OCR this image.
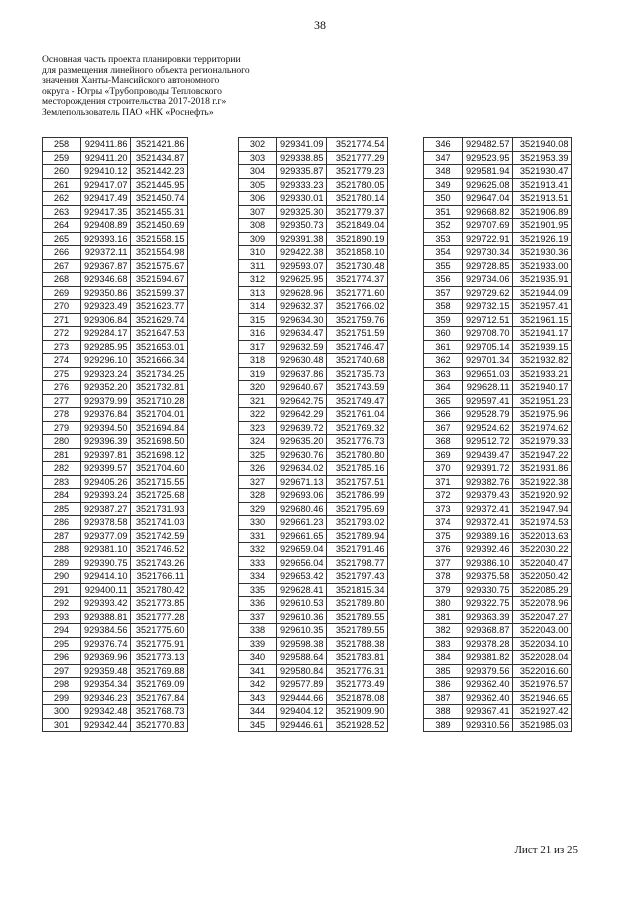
38
Основная часть проекта планировки территории
для размещения линейного объекта регионального
значения Ханты-Мансийского автономного
округа - Югры «Трубопроводы Тепловского
месторождения строительства 2017-2018 г.г»
Землепользователь ПАО «НК «Роснефть»
258	929411.86	3521421.86
259	929411.20	3521434.87
260	929410.12	3521442.23
261	929417.07	3521445.95
262	929417.49	3521450.74
263	929417.35	3521455.31
264	929408.89	3521450.69
265	929393.16	3521558.15
266	929372.11	3521554.98
267	929367.87	3521575.67
268	929346.68	3521594.67
269	929350.86	3521599.37
270	929323.49	3521623.77
271	929306.84	3521629.74
272	929284.17	3521647.53
273	929285.95	3521653.01
274	929296.10	3521666.34
275	929323.24	3521734.25
276	929352.20	3521732.81
277	929379.99	3521710.28
278	929376.84	3521704.01
279	929394.50	3521694.84
280	929396.39	3521698.50
281	929397.81	3521698.12
282	929399.57	3521704.60
283	929405.26	3521715.55
284	929393.24	3521725.68
285	929387.27	3521731.93
286	929378.58	3521741.03
287	929377.09	3521742.59
288	929381.10	3521746.52
289	929390.75	3521743.26
290	929414.10	3521766.11
291	929400.11	3521780.42
292	929393.42	3521773.85
293	929388.81	3521777.28
294	929384.56	3521775.60
295	929376.74	3521775.91
296	929369.96	3521773.13
297	929359.48	3521769.88
298	929354.34	3521769.09
299	929346.23	3521767.84
300	929342.48	3521768.73
301	929342.44	3521770.83
302	929341.09	3521774.54
303	929338.85	3521777.29
304	929335.87	3521779.23
305	929333.23	3521780.05
306	929330.01	3521780.14
307	929325.30	3521779.37
308	929350.73	3521849.04
309	929391.38	3521890.19
310	929422.38	3521858.10
311	929593.07	3521730.48
312	929625.95	3521774.37
313	929628.96	3521771.60
314	929632.37	3521766.02
315	929634.30	3521759.76
316	929634.47	3521751.59
317	929632.59	3521746.47
318	929630.48	3521740.68
319	929637.86	3521735.73
320	929640.67	3521743.59
321	929642.75	3521749.47
322	929642.29	3521761.04
323	929639.72	3521769.32
324	929635.20	3521776.73
325	929630.76	3521780.80
326	929634.02	3521785.16
327	929671.13	3521757.51
328	929693.06	3521786.99
329	929680.46	3521795.69
330	929661.23	3521793.02
331	929661.65	3521789.94
332	929659.04	3521791.46
333	929656.04	3521798.77
334	929653.42	3521797.43
335	929628.41	3521815.34
336	929610.53	3521789.80
337	929610.36	3521789.55
338	929610.35	3521789.55
339	929598.38	3521788.38
340	929588.64	3521783.81
341	929580.84	3521776.31
342	929577.89	3521773.49
343	929444.66	3521878.08
344	929404.12	3521909.90
345	929446.61	3521928.52
346	929482.57	3521940.08
347	929523.95	3521953.39
348	929581.94	3521930.47
349	929625.08	3521913.41
350	929647.04	3521913.51
351	929668.82	3521906.89
352	929707.69	3521901.95
353	929722.91	3521926.19
354	929730.34	3521930.36
355	929728.85	3521933.00
356	929734.06	3521935.91
357	929729.62	3521944.09
358	929732.15	3521957.41
359	929712.51	3521961.15
360	929708.70	3521941.17
361	929705.14	3521939.15
362	929701.34	3521932.82
363	929651.03	3521933.21
364	929628.11	3521940.17
365	929597.41	3521951.23
366	929528.79	3521975.96
367	929524.62	3521974.62
368	929512.72	3521979.33
369	929439.47	3521947.22
370	929391.72	3521931.86
371	929382.76	3521922.38
372	929379.43	3521920.92
373	929372.41	3521947.94
374	929372.41	3521974.53
375	929389.16	3522013.63
376	929392.46	3522030.22
377	929386.10	3522040.47
378	929375.58	3522050.42
379	929330.75	3522085.29
380	929322.75	3522078.96
381	929363.39	3522047.27
382	929368.87	3522043.00
383	929378.28	3522034.10
384	929381.82	3522028.04
385	929379.56	3522016.60
386	929362.40	3521976.57
387	929362.40	3521946.65
388	929367.41	3521927.42
389	929310.56	3521985.03
Лист 21 из 25
